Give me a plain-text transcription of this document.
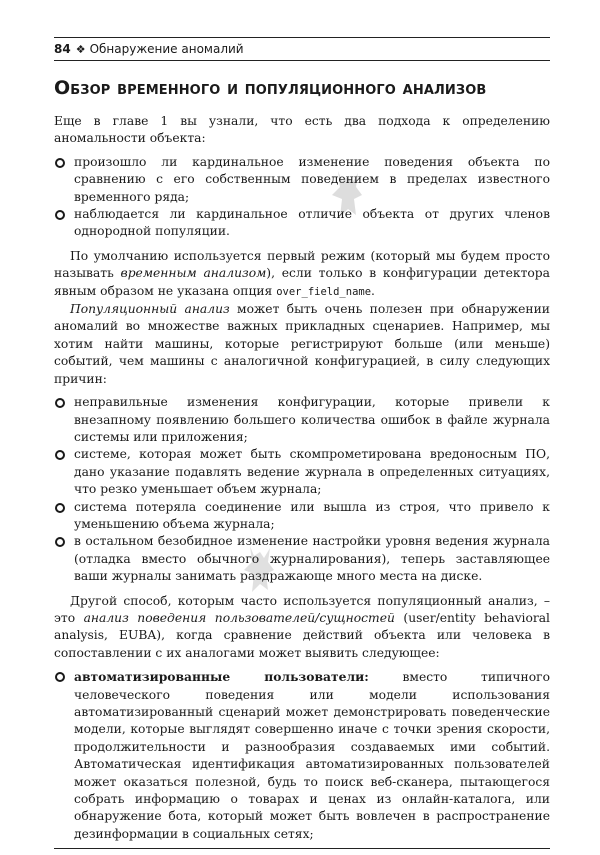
84 ❖ Обнаружение аномалий
Обзор временного и популяционного анализов

Еще в главе 1 вы узнали, что есть два подхода к определению аномальности объекта:

произошло ли кардинальное изменение поведения объекта по сравнению с его собственным поведением в пределах известного временного ряда;
наблюдается ли кардинальное отличие объекта от других членов однородной популяции.

По умолчанию используется первый режим (который мы будем просто называть временным анализом), если только в конфигурации детектора явным образом не указана опция over_field_name.

Популяционный анализ может быть очень полезен при обнаружении аномалий во множестве важных прикладных сценариев. Например, мы хотим найти машины, которые регистрируют больше (или меньше) событий, чем машины с аналогичной конфигурацией, в силу следующих причин:

неправильные изменения конфигурации, которые привели к внезапному появлению большего количества ошибок в файле журнала системы или приложения;
системе, которая может быть скомпрометирована вредоносным ПО, дано указание подавлять ведение журнала в определенных ситуациях, что резко уменьшает объем журнала;
система потеряла соединение или вышла из строя, что привело к уменьшению объема журнала;
в остальном безобидное изменение настройки уровня ведения журнала (отладка вместо обычного журналирования), теперь заставляющее ваши журналы занимать раздражающе много места на диске.

Другой способ, которым часто используется популяционный анализ, – это анализ поведения пользователей/сущностей (user/entity behavioral analysis, EUBA), когда сравнение действий объекта или человека в сопоставлении с их аналогами может выявить следующее:

автоматизированные пользователи: вместо типичного человеческого поведения или модели использования автоматизированный сценарий может демонстрировать поведенческие модели, которые выглядят совершенно иначе с точки зрения скорости, продолжительности и разнообразия создаваемых ими событий. Автоматическая идентификация автоматизированных пользователей может оказаться полезной, будь то поиск веб-сканера, пытающегося собрать информацию о товарах и ценах из онлайн-каталога, или обнаружение бота, который может быть вовлечен в распространение дезинформации в социальных сетях;
